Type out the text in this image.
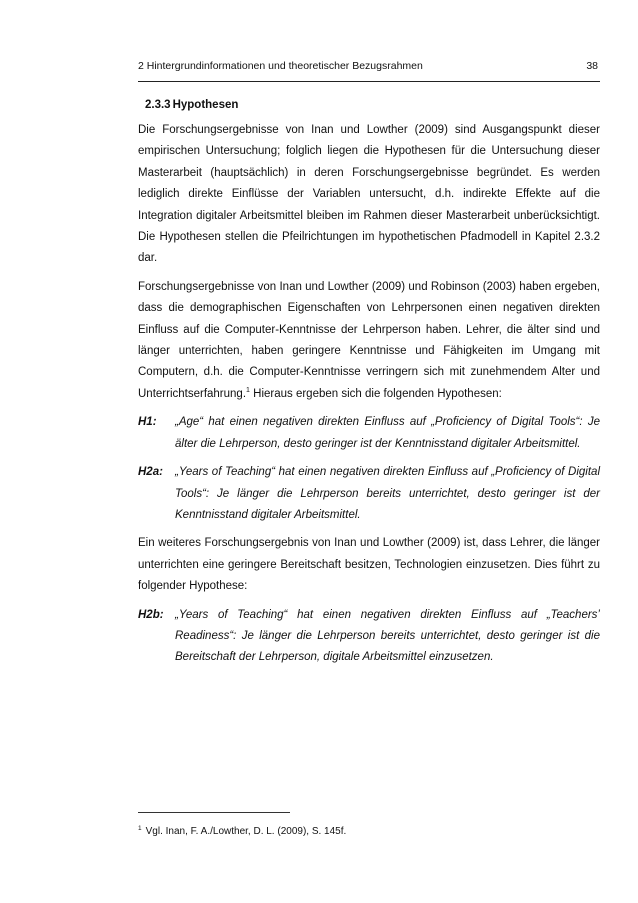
2 Hintergrundinformationen und theoretischer Bezugsrahmen	38
2.3.3 Hypothesen

Die Forschungsergebnisse von Inan und Lowther (2009) sind Ausgangspunkt dieser empirischen Untersuchung; folglich liegen die Hypothesen für die Untersuchung dieser Masterarbeit (hauptsächlich) in deren Forschungsergebnisse begründet. Es werden lediglich direkte Einflüsse der Variablen untersucht, d.h. indirekte Effekte auf die Integration digitaler Arbeitsmittel bleiben im Rahmen dieser Masterarbeit unberücksichtigt. Die Hypothesen stellen die Pfeilrichtungen im hypothetischen Pfadmodell in Kapitel 2.3.2 dar.

Forschungsergebnisse von Inan und Lowther (2009) und Robinson (2003) haben ergeben, dass die demographischen Eigenschaften von Lehrpersonen einen negativen direkten Einfluss auf die Computer-Kenntnisse der Lehrperson haben. Lehrer, die älter sind und länger unterrichten, haben geringere Kenntnisse und Fähigkeiten im Umgang mit Computern, d.h. die Computer-Kenntnisse verringern sich mit zunehmendem Alter und Unterrichtserfahrung.$^1$ Hieraus ergeben sich die folgenden Hypothesen:

H1:	„Age“ hat einen negativen direkten Einfluss auf „Proficiency of Digital Tools“: Je älter die Lehrperson, desto geringer ist der Kenntnisstand digitaler Arbeitsmittel.
H2a:	„Years of Teaching“ hat einen negativen direkten Einfluss auf „Proficiency of Digital Tools“: Je länger die Lehrperson bereits unterrichtet, desto geringer ist der Kenntnisstand digitaler Arbeitsmittel.

Ein weiteres Forschungsergebnis von Inan und Lowther (2009) ist, dass Lehrer, die länger unterrichten eine geringere Bereitschaft besitzen, Technologien einzusetzen. Dies führt zu folgender Hypothese:

H2b: „Years of Teaching“ hat einen negativen direkten Einfluss auf „Teachers’ Readiness“: Je länger die Lehrperson bereits unterrichtet, desto geringer ist die Bereitschaft der Lehrperson, digitale Arbeitsmittel einzusetzen.
$^1$ Vgl. Inan, F. A./Lowther, D. L. (2009), S. 145f.
